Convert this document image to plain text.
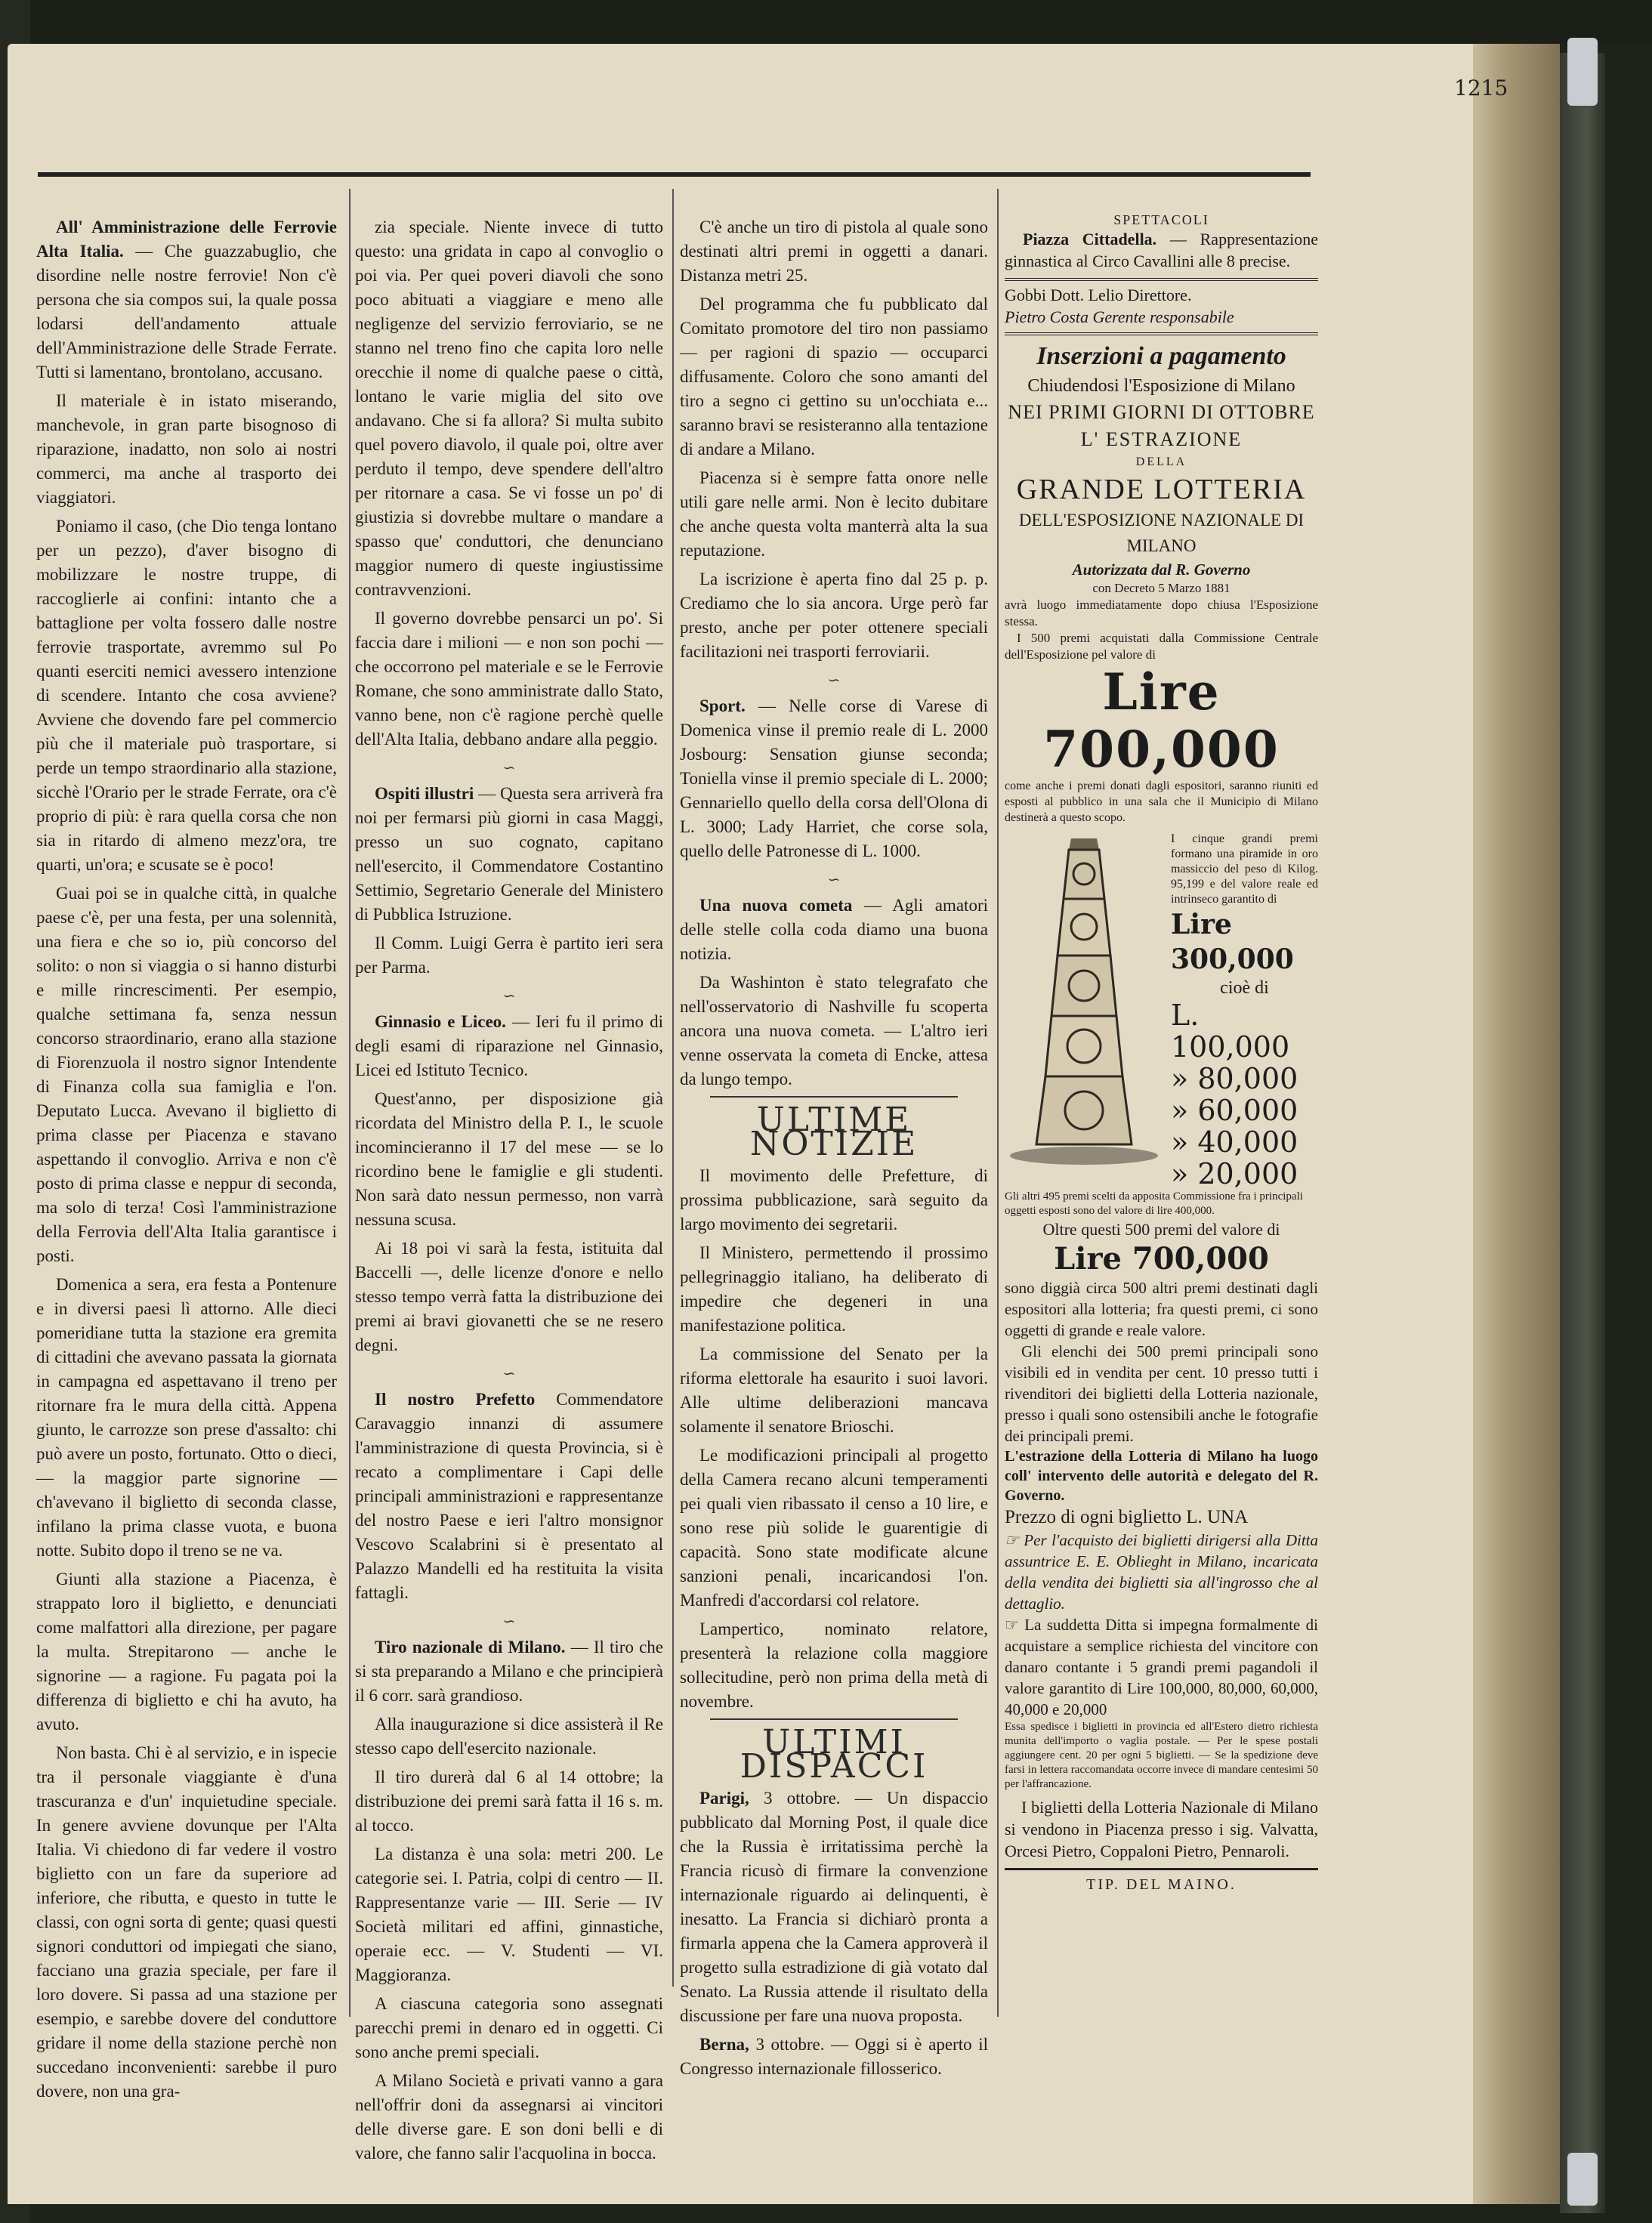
1215

All' Amministrazione delle Ferrovie Alta Italia. — Che guazzabuglio, che disordine nelle nostre ferrovie! Non c'è persona che sia compos sui, la quale possa lodarsi dell'andamento attuale dell'Amministrazione delle Strade Ferrate. Tutti si lamentano, brontolano, accusano.

Il materiale è in istato miserando, manchevole, in gran parte bisognoso di riparazione, inadatto, non solo ai nostri commerci, ma anche al trasporto dei viaggiatori.

Poniamo il caso, (che Dio tenga lontano per un pezzo), d'aver bisogno di mobilizzare le nostre truppe, di raccoglierle ai confini: intanto che a battaglione per volta fossero dalle nostre ferrovie trasportate, avremmo sul Po quanti eserciti nemici avessero intenzione di scendere. Intanto che cosa avviene? Avviene che dovendo fare pel commercio più che il materiale può trasportare, si perde un tempo straordinario alla stazione, sicchè l'Orario per le strade Ferrate, ora c'è proprio di più: è rara quella corsa che non sia in ritardo di almeno mezz'ora, tre quarti, un'ora; e scusate se è poco!

Guai poi se in qualche città, in qualche paese c'è, per una festa, per una solennità, una fiera e che so io, più concorso del solito: o non si viaggia o si hanno disturbi e mille rincrescimenti. Per esempio, qualche settimana fa, senza nessun concorso straordinario, erano alla stazione di Fiorenzuola il nostro signor Intendente di Finanza colla sua famiglia e l'on. Deputato Lucca. Avevano il biglietto di prima classe per Piacenza e stavano aspettando il convoglio. Arriva e non c'è posto di prima classe e neppur di seconda, ma solo di terza! Così l'amministrazione della Ferrovia dell'Alta Italia garantisce i posti.

Domenica a sera, era festa a Pontenure e in diversi paesi lì attorno. Alle dieci pomeridiane tutta la stazione era gremita di cittadini che avevano passata la giornata in campagna ed aspettavano il treno per ritornare fra le mura della città. Appena giunto, le carrozze son prese d'assalto: chi può avere un posto, fortunato. Otto o dieci, — la maggior parte signorine — ch'avevano il biglietto di seconda classe, infilano la prima classe vuota, e buona notte. Subito dopo il treno se ne va.

Giunti alla stazione a Piacenza, è strappato loro il biglietto, e denunciati come malfattori alla direzione, per pagare la multa. Strepitarono — anche le signorine — a ragione. Fu pagata poi la differenza di biglietto e chi ha avuto, ha avuto.

Non basta. Chi è al servizio, e in ispecie tra il personale viaggiante è d'una trascuranza e d'un' inquietudine speciale. In genere avviene dovunque per l'Alta Italia. Vi chiedono di far vedere il vostro biglietto con un fare da superiore ad inferiore, che ributta, e questo in tutte le classi, con ogni sorta di gente; quasi questi signori conduttori od impiegati che siano, facciano una grazia speciale, per fare il loro dovere. Si passa ad una stazione per esempio, e sarebbe dovere del conduttore gridare il nome della stazione perchè non succedano inconvenienti: sarebbe il puro dovere, non una gra-

zia speciale. Niente invece di tutto questo: una gridata in capo al convoglio o poi via. Per quei poveri diavoli che sono poco abituati a viaggiare e meno alle negligenze del servizio ferroviario, se ne stanno nel treno fino che capita loro nelle orecchie il nome di qualche paese o città, lontano le varie miglia del sito ove andavano. Che si fa allora? Si multa subito quel povero diavolo, il quale poi, oltre aver perduto il tempo, deve spendere dell'altro per ritornare a casa. Se vi fosse un po' di giustizia si dovrebbe multare o mandare a spasso que' conduttori, che denunciano maggior numero di queste ingiustissime contravvenzioni.

Il governo dovrebbe pensarci un po'. Si faccia dare i milioni — e non son pochi — che occorrono pel materiale e se le Ferrovie Romane, che sono amministrate dallo Stato, vanno bene, non c'è ragione perchè quelle dell'Alta Italia, debbano andare alla peggio.

∽

Ospiti illustri — Questa sera arriverà fra noi per fermarsi più giorni in casa Maggi, presso un suo cognato, capitano nell'esercito, il Commendatore Costantino Settimio, Segretario Generale del Ministero di Pubblica Istruzione.

Il Comm. Luigi Gerra è partito ieri sera per Parma.

∽

Ginnasio e Liceo. — Ieri fu il primo di degli esami di riparazione nel Ginnasio, Licei ed Istituto Tecnico.

Quest'anno, per disposizione già ricordata del Ministro della P. I., le scuole incomincieranno il 17 del mese — se lo ricordino bene le famiglie e gli studenti. Non sarà dato nessun permesso, non varrà nessuna scusa.

Ai 18 poi vi sarà la festa, istituita dal Baccelli —, delle licenze d'onore e nello stesso tempo verrà fatta la distribuzione dei premi ai bravi giovanetti che se ne resero degni.

∽

Il nostro Prefetto Commendatore Caravaggio innanzi di assumere l'amministrazione di questa Provincia, si è recato a complimentare i Capi delle principali amministrazioni e rappresentanze del nostro Paese e ieri l'altro monsignor Vescovo Scalabrini si è presentato al Palazzo Mandelli ed ha restituita la visita fattagli.

∽

Tiro nazionale di Milano. — Il tiro che si sta preparando a Milano e che principierà il 6 corr. sarà grandioso.

Alla inaugurazione si dice assisterà il Re stesso capo dell'esercito nazionale.

Il tiro durerà dal 6 al 14 ottobre; la distribuzione dei premi sarà fatta il 16 s. m. al tocco.

La distanza è una sola: metri 200. Le categorie sei. I. Patria, colpi di centro — II. Rappresentanze varie — III. Serie — IV Società militari ed affini, ginnastiche, operaie ecc. — V. Studenti — VI. Maggioranza.

A ciascuna categoria sono assegnati parecchi premi in denaro ed in oggetti. Ci sono anche premi speciali.

A Milano Società e privati vanno a gara nell'offrir doni da assegnarsi ai vincitori delle diverse gare. E son doni belli e di valore, che fanno salir l'acquolina in bocca.

C'è anche un tiro di pistola al quale sono destinati altri premi in oggetti a danari. Distanza metri 25.

Del programma che fu pubblicato dal Comitato promotore del tiro non passiamo — per ragioni di spazio — occuparci diffusamente. Coloro che sono amanti del tiro a segno ci gettino su un'occhiata e... saranno bravi se resisteranno alla tentazione di andare a Milano.

Piacenza si è sempre fatta onore nelle utili gare nelle armi. Non è lecito dubitare che anche questa volta manterrà alta la sua reputazione.

La iscrizione è aperta fino dal 25 p. p. Crediamo che lo sia ancora. Urge però far presto, anche per poter ottenere speciali facilitazioni nei trasporti ferroviarii.

∽

Sport. — Nelle corse di Varese di Domenica vinse il premio reale di L. 2000 Josbourg: Sensation giunse seconda; Toniella vinse il premio speciale di L. 2000; Gennariello quello della corsa dell'Olona di L. 3000; Lady Harriet, che corse sola, quello delle Patronesse di L. 1000.

∽

Una nuova cometa — Agli amatori delle stelle colla coda diamo una buona notizia.

Da Washinton è stato telegrafato che nell'osservatorio di Nashville fu scoperta ancora una nuova cometa. — L'altro ieri venne osservata la cometa di Encke, attesa da lungo tempo.

ULTIME NOTIZIE

Il movimento delle Prefetture, di prossima pubblicazione, sarà seguito da largo movimento dei segretarii.

Il Ministero, permettendo il prossimo pellegrinaggio italiano, ha deliberato di impedire che degeneri in una manifestazione politica.

La commissione del Senato per la riforma elettorale ha esaurito i suoi lavori. Alle ultime deliberazioni mancava solamente il senatore Brioschi.

Le modificazioni principali al progetto della Camera recano alcuni temperamenti pei quali vien ribassato il censo a 10 lire, e sono rese più solide le guarentigie di capacità. Sono state modificate alcune sanzioni penali, incaricandosi l'on. Manfredi d'accordarsi col relatore.

Lampertico, nominato relatore, presenterà la relazione colla maggiore sollecitudine, però non prima della metà di novembre.

ULTIMI DISPACCI

Parigi, 3 ottobre. — Un dispaccio pubblicato dal Morning Post, il quale dice che la Russia è irritatissima perchè la Francia ricusò di firmare la convenzione internazionale riguardo ai delinquenti, è inesatto. La Francia si dichiarò pronta a firmarla appena che la Camera approverà il progetto sulla estradizione di già votato dal Senato. La Russia attende il risultato della discussione per fare una nuova proposta.

Berna, 3 ottobre. — Oggi si è aperto il Congresso internazionale fillosserico.

SPETTACOLI
Piazza Cittadella. — Rappresentazione ginnastica al Circo Cavallini alle 8 precise.
Gobbi Dott. Lelio Direttore.
Pietro Costa Gerente responsabile
Inserzioni a pagamento
Chiudendosi l'Esposizione di Milano
NEI PRIMI GIORNI DI OTTOBRE
L' ESTRAZIONE
DELLA
GRANDE LOTTERIA
DELL'ESPOSIZIONE NAZIONALE DI MILANO
Autorizzata dal R. Governo
con Decreto 5 Marzo 1881
avrà luogo immediatamente dopo chiusa l'Esposizione stessa.
I 500 premi acquistati dalla Commissione Centrale dell'Esposizione pel valore di
Lire 700,000
come anche i premi donati dagli espositori, saranno riuniti ed esposti al pubblico in una sala che il Municipio di Milano destinerà a questo scopo.
I cinque grandi premi formano una piramide in oro massiccio del peso di Kilog. 95,199 e del valore reale ed intrinseco garantito di
Lire 300,000
cioè di
L. 100,000
» 80,000
» 60,000
» 40,000
» 20,000
Gli altri 495 premi scelti da apposita Commissione fra i principali oggetti esposti sono del valore di lire 400,000.
Oltre questi 500 premi del valore di
Lire 700,000
sono diggià circa 500 altri premi destinati dagli espositori alla lotteria; fra questi premi, ci sono oggetti di grande e reale valore.
Gli elenchi dei 500 premi principali sono visibili ed in vendita per cent. 10 presso tutti i rivenditori dei biglietti della Lotteria nazionale, presso i quali sono ostensibili anche le fotografie dei principali premi.
L'estrazione della Lotteria di Milano ha luogo coll' intervento delle autorità e delegato del R. Governo.
Prezzo di ogni biglietto L. UNA
☞ Per l'acquisto dei biglietti dirigersi alla Ditta assuntrice E. E. Oblieght in Milano, incaricata della vendita dei biglietti sia all'ingrosso che al dettaglio.
☞ La suddetta Ditta si impegna formalmente di acquistare a semplice richiesta del vincitore con danaro contante i 5 grandi premi pagandoli il valore garantito di Lire 100,000, 80,000, 60,000, 40,000 e 20,000
Essa spedisce i biglietti in provincia ed all'Estero dietro richiesta munita dell'importo o vaglia postale. — Per le spese postali aggiungere cent. 20 per ogni 5 biglietti. — Se la spedizione deve farsi in lettera raccomandata occorre invece di mandare centesimi 50 per l'affrancazione.
I biglietti della Lotteria Nazionale di Milano si vendono in Piacenza presso i sig. Valvatta, Orcesi Pietro, Coppaloni Pietro, Pennaroli.
TIP. DEL MAINO.
